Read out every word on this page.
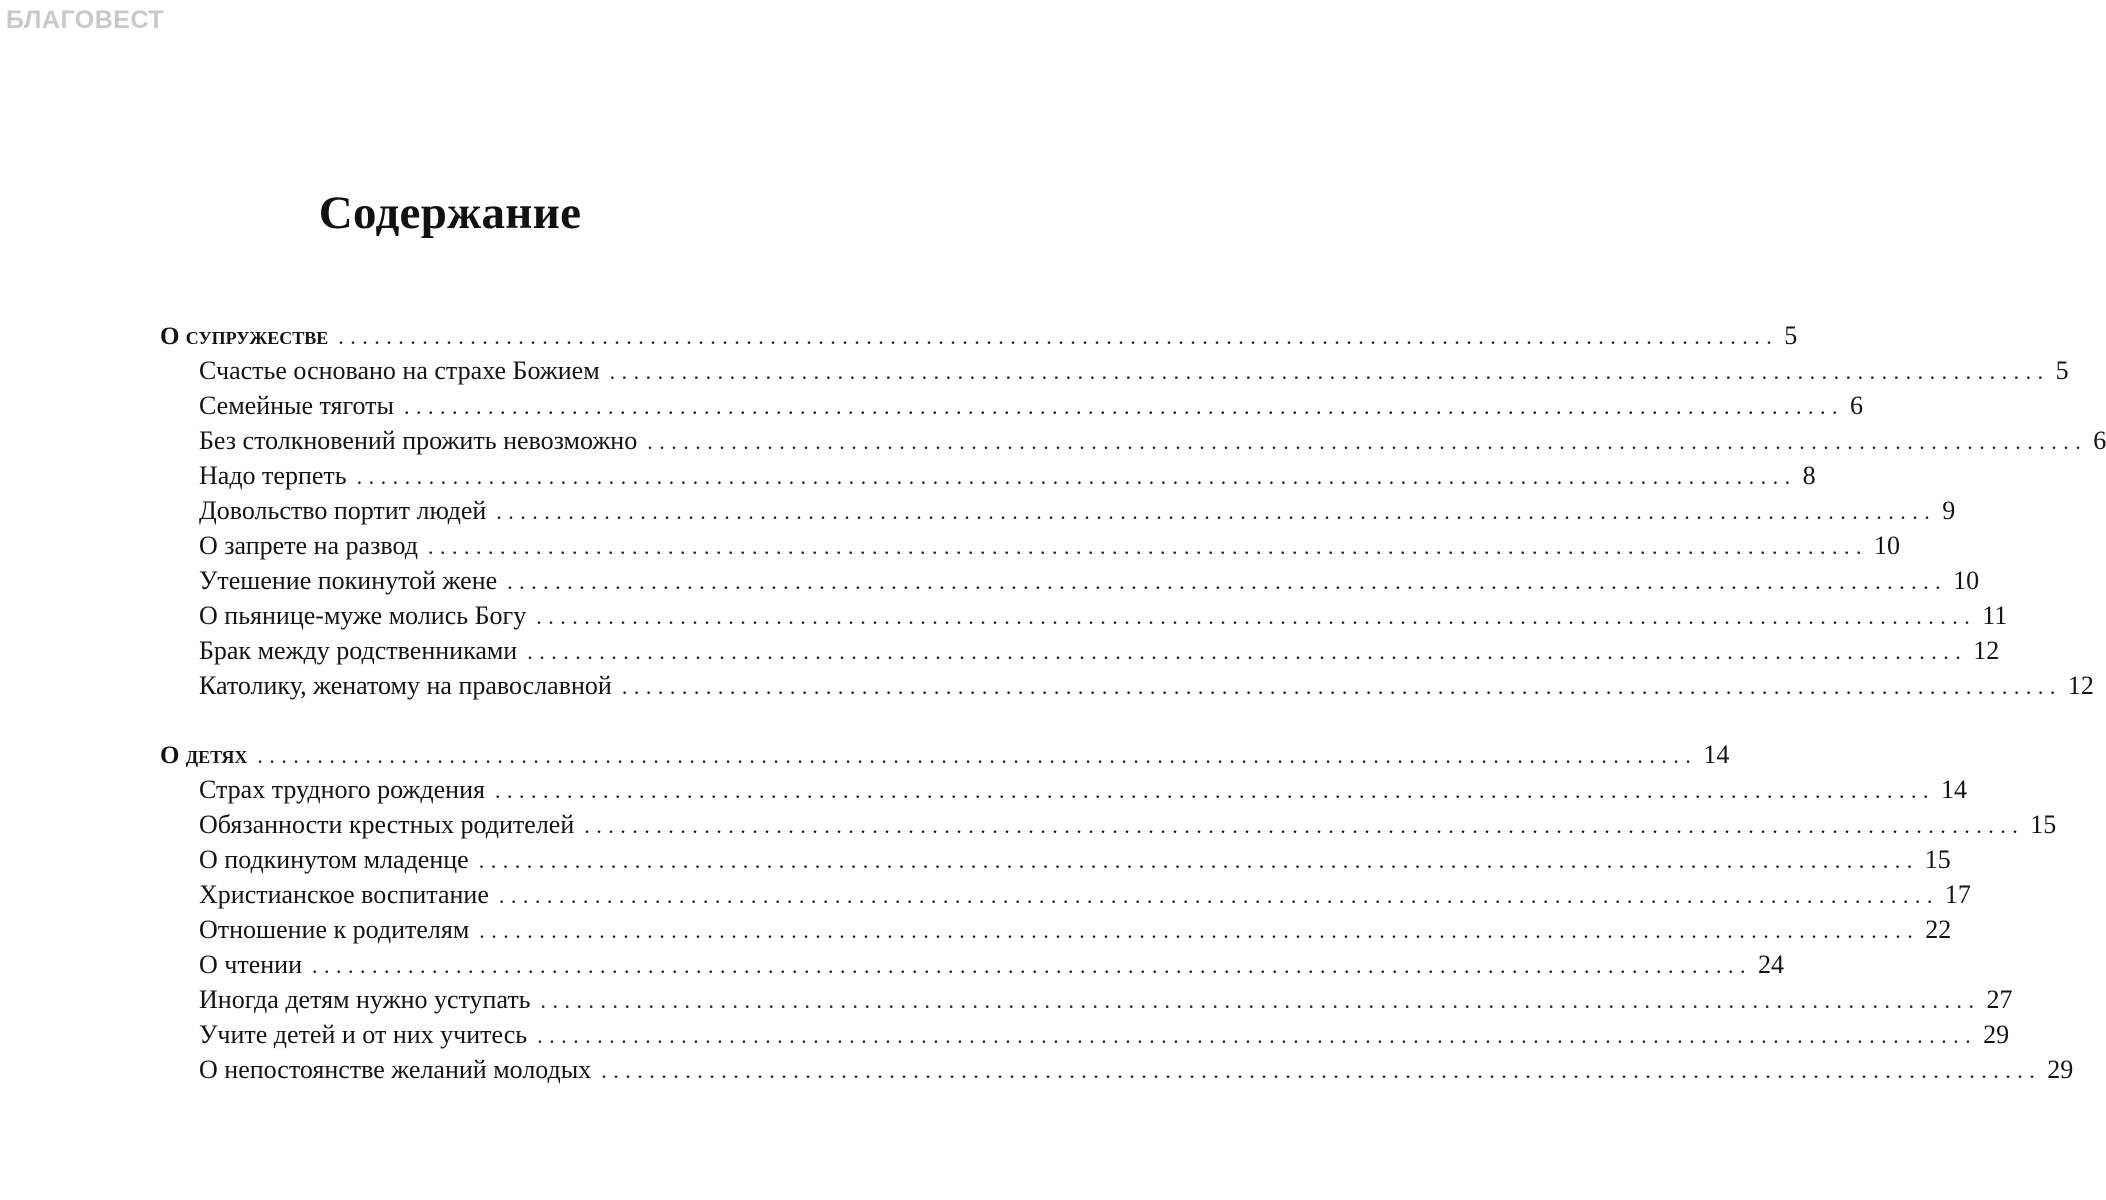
БЛАГОВЕСТ
Содержание
О супружестве ........................................................................................................................ 5
Счастье основано на страхе Божием ........................................................................................................................ 5
Семейные тяготы ........................................................................................................................ 6
Без столкновений прожить невозможно ........................................................................................................................ 6
Надо терпеть ........................................................................................................................ 8
Довольство портит людей ........................................................................................................................ 9
О запрете на развод ........................................................................................................................ 10
Утешение покинутой жене ........................................................................................................................ 10
О пьянице-муже молись Богу ........................................................................................................................ 11
Брак между родственниками ........................................................................................................................ 12
Католику, женатому на православной ........................................................................................................................ 12
О детях ........................................................................................................................ 14
Страх трудного рождения ........................................................................................................................ 14
Обязанности крестных родителей ........................................................................................................................ 15
О подкинутом младенце ........................................................................................................................ 15
Христианское воспитание ........................................................................................................................ 17
Отношение к родителям ........................................................................................................................ 22
О чтении ........................................................................................................................ 24
Иногда детям нужно уступать ........................................................................................................................ 27
Учите детей и от них учитесь ........................................................................................................................ 29
О непостоянстве желаний молодых ........................................................................................................................ 29
